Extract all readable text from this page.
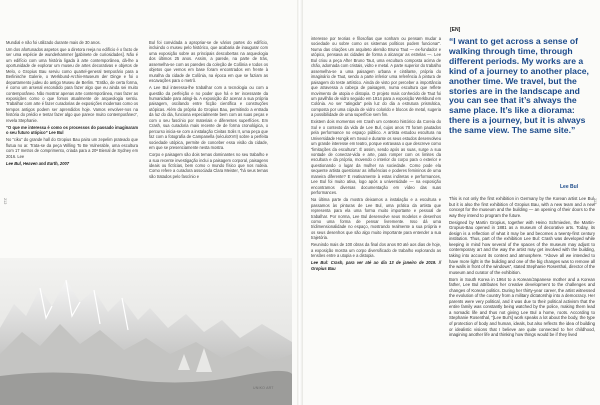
212	213

Mundial e não foi utilizado durante mais de 30 anos.

Um dos afortunados aspetos que a diretora reeja no edifício é o facto de ser uma espécie de wunderkammer [gabinete de curiosidades]. Não é um edifício com uma história ligada à arte contemporânea, dá-lhe a oportunidade de explorar um museu de artes decorativas e objetos de Melo, o Gropius Bau serviu como quartel-general temporário para a Berlinische Galerie, o Werkbund-Archiv-Museum der Dinge e foi o departamento judeu do antigo Museu de Berlim. “Então, de certa forma, é como um arsenal escondido para fazer algo que eu ainda sei muito contemporâneo. Não mostrar apenas arte contemporânea, mas fazer as exposições como o que fomos atualmente de arqueologia sentiu. Trabalhar com arte é fazer curadorias de exposições modernas como os tempos antigos podem ser aprendidos hoje. Vamos envolver-nos na história do prédio e tentar fazer algo que parece muito contemporâneo”, revela Stephanie.

“O que me interessa é como os processos do passado imaginaram o seu futuro utópico” Lee Bul

No “ciku” do grande hall do Gropius Bau paira um zepelim prateado que flutua no ar. Trata-se da peça Willing To Be Vulnerable, uma escultura com 17 metros de comprimento, criada para a 20ª Bienal de Sydney em 2016. Lee

Lee Bul, Heaven and Earth, 2007

Bul foi convidada a apropriar-se de vários partes do edifício, incluindo o museu pelo histórico, que acabaria de inaugurar com uma exposição sobre as principais descobertas na arqueologia dos últimos 25 anos. Assim, a parede, na parte de trás, assemelha-se com as paredes da coleção de Colônia e todos os objetos que vemos em base foram encontrados em frente à muralha da cidade de Colônia, na época em que se faziam as escavações para o metrô.

A Lee Bul interessa-lhe trabalhar com a tecnologia ou com a questão da perfeição e no poder que há e ter incessante da humanidade para atingi-la. A exposição diz acenar a sua própria paisagem, oscilando entre ficção científica e construções utópicas. Além da própria do Gropius Bau, permitindo a entrada da luz do dia, funciona especialmente bem com as suas peças e com o seu fascínio por materiais e diferentes superfícies. Em Crash, sua curadoria mais recente de de forma cronológica, o percurso inicia-se com a instalação Civitas Solis II, uma peça que faz com a fotografia de Campanella (séculoXVII) sobre a perfeita sociedade utópica, permite de conceber essa visão da cidade, em que se presenciamente nesta mostra.

Corpo e paisagem são dois temas dominantes no seu trabalho e a sua recente investigação inclui a paisagem corporal, paisagens ideais ou fictícias, bem como o mundo físico que nos rodeia. Como refere a curadora associada Clara Meister, “há seus temas são tratados pelo fascínio e

interesse por teorias e filosofias que sonham ou pensam mudar a sociedade ou sobre como os sistemas políticos podem funcionar”. Numa das criações um arquiteto alemão Bruno Taut — ex-fundador e utópico, pensava as cidades de forma a alcançar as estrelas —. Lee Bul criou a peça After Bruno Taut, uma escultura composta acima de chão, adornada com cristais, vidro e metal. A parte superior do trabalho assemelha-se a uma paisagem urbana e cintilante, própria do imaginário de Taut, sendo a parte inferior uma referência à pintura de paisagem do teste artístico. Ainda de visto por perceber a importância que atravessa a cabeça de paisagem, numa escultura que reflete movimento de utopia e distopia. O projeto mais conhecido de Taut foi um pavilhão de vidro seguido em 1914 para a exposição Werkbund em Colónia. Ao ser “atingida” pela luz do dia a estrutura prismática, composta por uma cúpula de vidro colorido e blocos de metal, sugeria a possibilidade de uma superfície sem fim.

Existem dois momentos em Crash um contexto histórico da Coreia do Sul e o contexto da vida de Lee Bul, cujos anos 70 foram pautados pela performance no espaço público. A artista estudou escultura na Universidade Hongik em Seoul e durante os seus estudos desenvolveu um grande interesse em teatro, porque extravasa o que descreve como “limitações da escultura”. É assim, sendo após as suas, surge a sua vontade de conectar-vida e arte, para romper com os limites da escultura e da própria, movendo o interior do corpo para o exterior e questionando o lugar da mulher na sociedade. Como pode ela sequente artista questionar as influências e poderes femininos de uma maneira diferente? E reativamente à estas indiretas e performances, Lee Bul foi muito ativa, logo após a universidade — na exposição encontramos diversas documentação em vídeo das suas performances.

Na última parte da mostra deixamos a instalação e a escultura e passamos às pinturas de Lee Bul, uma prática da artista que representa para ela uma forma muito importante e pessoal de trabalhar. Por norma, Lee Bul desenvolve seus modelos e desenhos como uma forma de pensar livremente. Isso dá uma tridimensionalidade no espaço, mostrando realmente a sua própria e os seus desenhos que são algo muito importante para entender a sua trajetória.

Reunindo mais de 100 obras da final dos anos 80 até aos dias de hoje, a exposição mostra um corpo diversificado de trabalho explorando as tensões entre a utopia e a distopia.

Lee Bul: Crash, para ver até ao dia 13 de janeiro de 2019. // Gropius Bau

UNIKO ART
[EN]

“I want to get across a sense of walking through time, through different periods. My works are a kind of a journey to another place, another time. We travel, but the stories are in the landscape and you can see that it’s always the same place. It’s like a diorama: there is a journey, but it is always the same view. The same site.”

Lee Bul

This is not only the first exhibition in Germany by the Korean artist Lee Bul, but it is also the first exhibition of Gropius Bau, with a new team and a new concept for the museum and the building — an opening of their doors to the way they intend to program the future.

Designed by Martin Gropius, together with Heino Schmieden, the Martin-Gropius-Bau opened in 1881 as a museum of decorative arts. Today, its design is a reflection of what it may be and becomes a twenty-first century institution. Thus, part of the exhibition Lee Bul: Crash was developed while keeping in mind how several of the spaces of the museum may adjust to contemporary art and the way the artist may get involved with the building, taking into account its context and atmosphere. “Above all we intended to have more light in the building and one of the big changes was to remove all the walls in front of the windows”, stated Stephanie Rosenthal, director of the museum and curator of the exhibition.

Born in South Korea in 1964 to a Korean/Japanese mother and a Korean father, Lee Bul attributes her creative development to the challenges and changes of Korean politics. During her thirty-year career, the artist witnessed the evolution of the country from a military dictatorship into a democracy. Her parents were very political, and it was due to their political activism that the entire family was constantly being watched by the police, making them lead a nomadic life and thus not giving Lee Bul a home, roots. According to Stephanie Rosenthal, “[Lee Bul’s] work speaks a lot about the body, the type of protection of body and human, ideals, but also reflects the idea of building or idealistic visions that I believe are quite connected to her childhood, imagining another life and thinking how things would be if they lived
